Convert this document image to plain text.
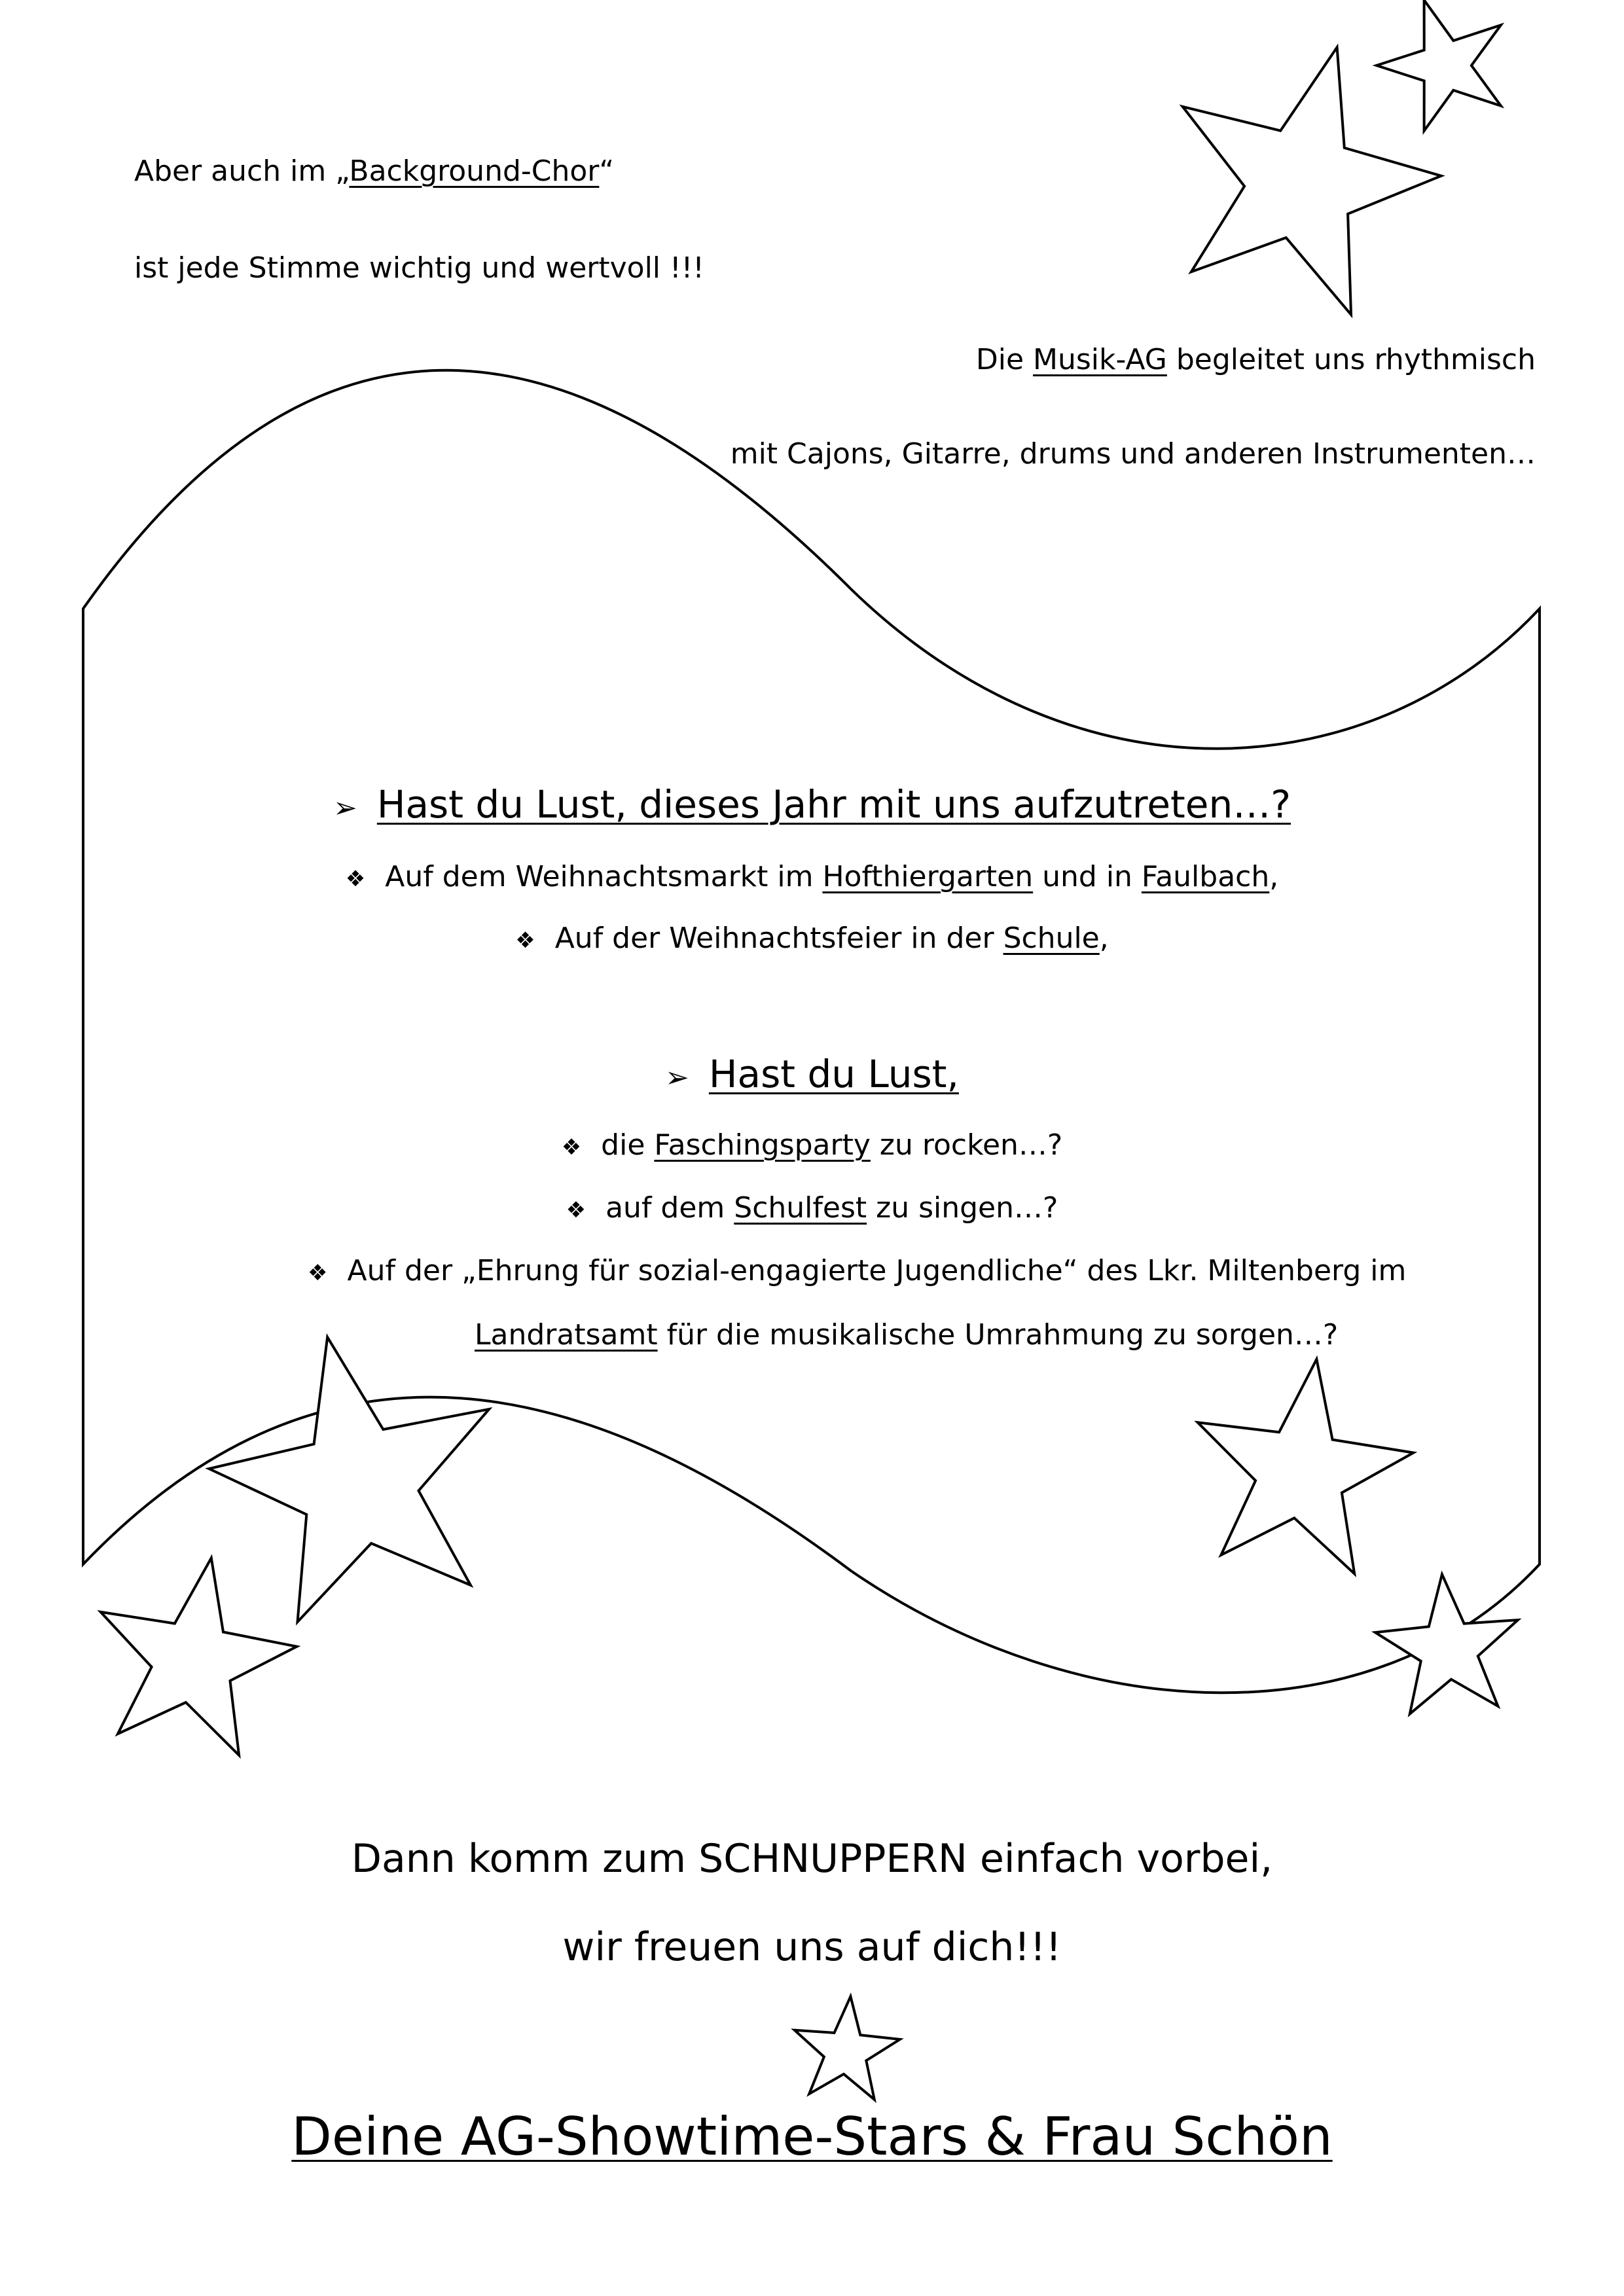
Aber auch im „Background-Chor“
ist jede Stimme wichtig und wertvoll !!!
Die Musik-AG begleitet uns rhythmisch
mit Cajons, Gitarre, drums und anderen Instrumenten…
➢ Hast du Lust, dieses Jahr mit uns aufzutreten…?
❖ Auf dem Weihnachtsmarkt im Hofthiergarten und in Faulbach,
❖ Auf der Weihnachtsfeier in der Schule,
➢ Hast du Lust,
❖ die Faschingsparty zu rocken…?
❖ auf dem Schulfest zu singen…?
❖ Auf der „Ehrung für sozial-engagierte Jugendliche“ des Lkr. Miltenberg im
Landratsamt für die musikalische Umrahmung zu sorgen…?
Dann komm zum SCHNUPPERN einfach vorbei,
wir freuen uns auf dich!!!
Deine AG-Showtime-Stars & Frau Schön
